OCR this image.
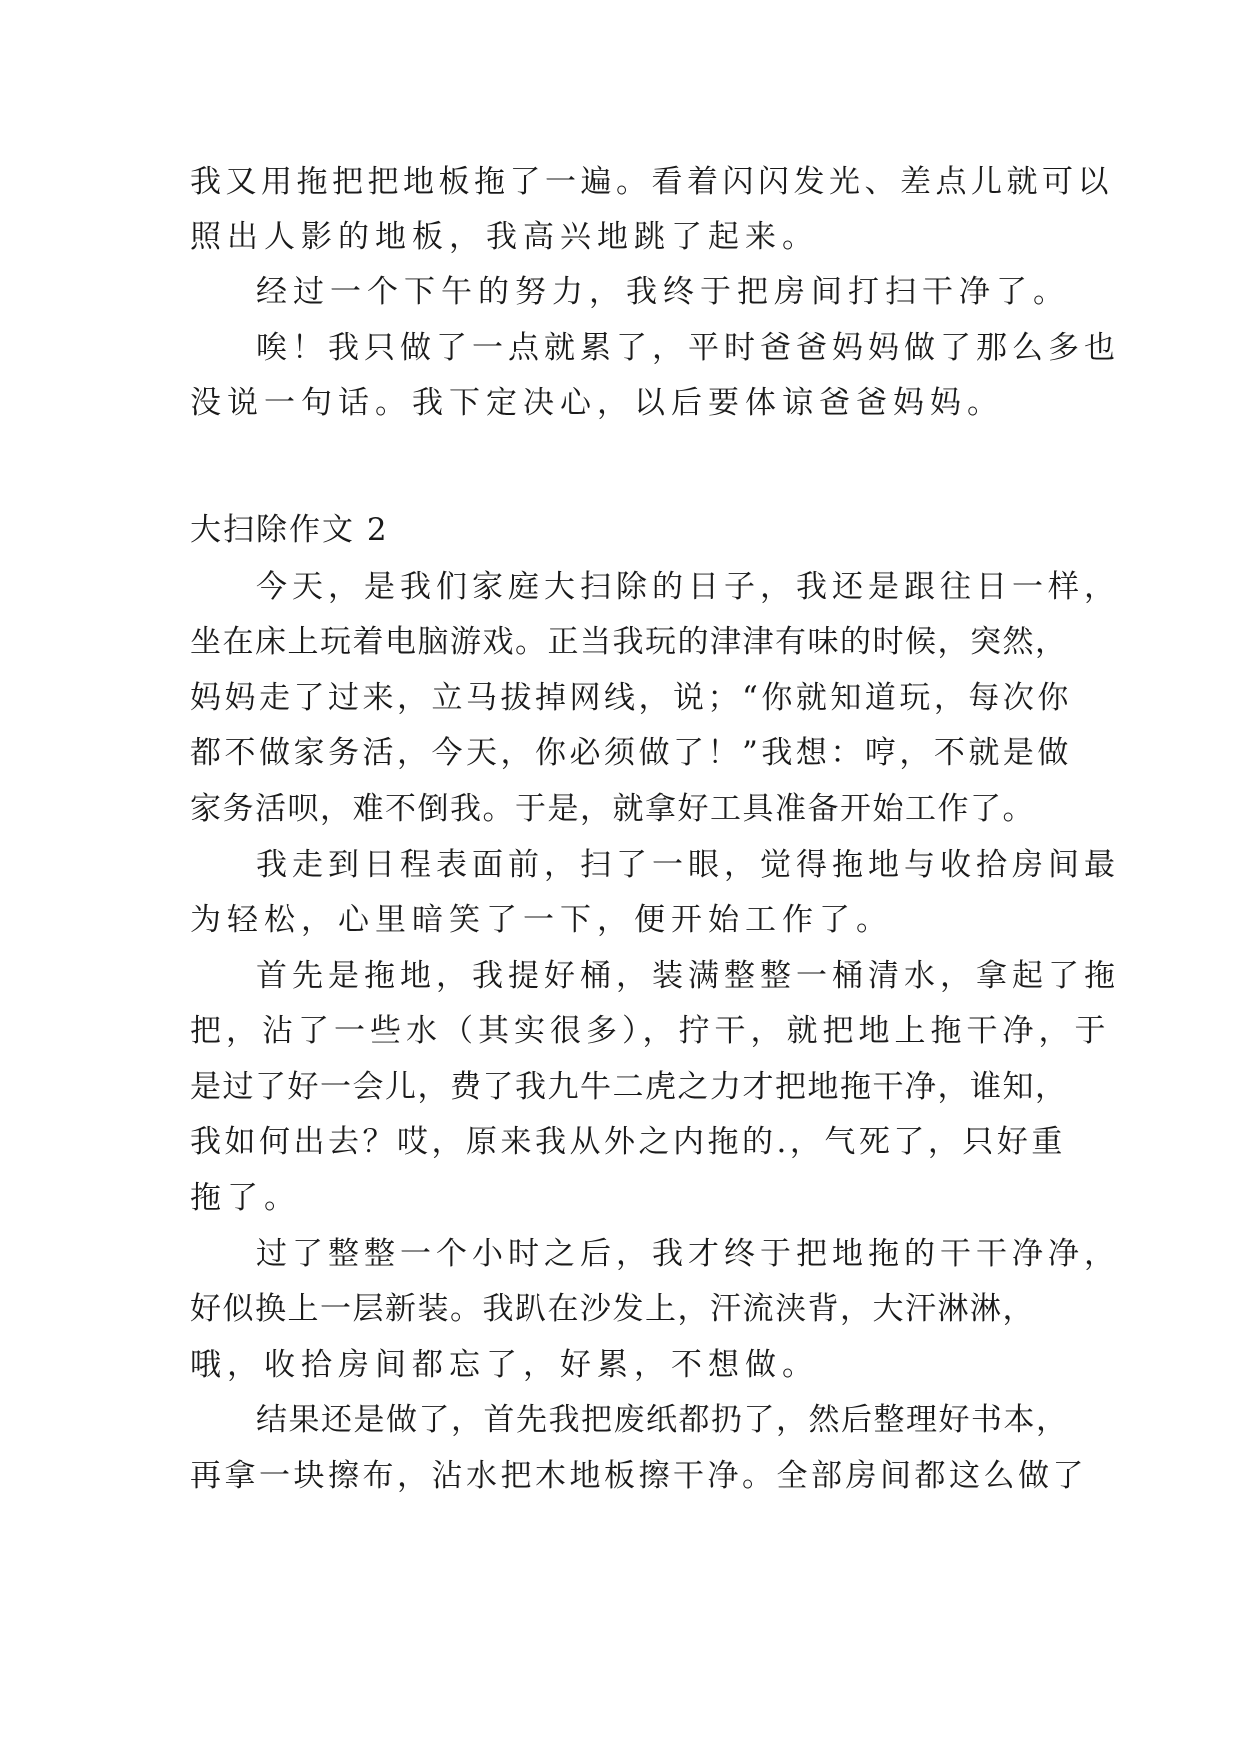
我又用拖把把地板拖了一遍。看着闪闪发光、差点儿就可以
照出人影的地板，我高兴地跳了起来。
经过一个下午的努力，我终于把房间打扫干净了。
唉！我只做了一点就累了，平时爸爸妈妈做了那么多也
没说一句话。我下定决心，以后要体谅爸爸妈妈。
大扫除作文 2
今天，是我们家庭大扫除的日子，我还是跟往日一样，
坐在床上玩着电脑游戏。正当我玩的津津有味的时候，突然，
妈妈走了过来，立马拔掉网线，说；“你就知道玩，每次你
都不做家务活，今天，你必须做了！”我想：哼，不就是做
家务活呗，难不倒我。于是，就拿好工具准备开始工作了。
我走到日程表面前，扫了一眼，觉得拖地与收拾房间最
为轻松，心里暗笑了一下，便开始工作了。
首先是拖地，我提好桶，装满整整一桶清水，拿起了拖
把，沾了一些水（其实很多），拧干，就把地上拖干净，于
是过了好一会儿，费了我九牛二虎之力才把地拖干净，谁知，
我如何出去？哎，原来我从外之内拖的.，气死了，只好重
拖了。
过了整整一个小时之后，我才终于把地拖的干干净净，
好似换上一层新装。我趴在沙发上，汗流浃背，大汗淋淋，
哦，收拾房间都忘了，好累，不想做。
结果还是做了，首先我把废纸都扔了，然后整理好书本，
再拿一块擦布，沾水把木地板擦干净。全部房间都这么做了
